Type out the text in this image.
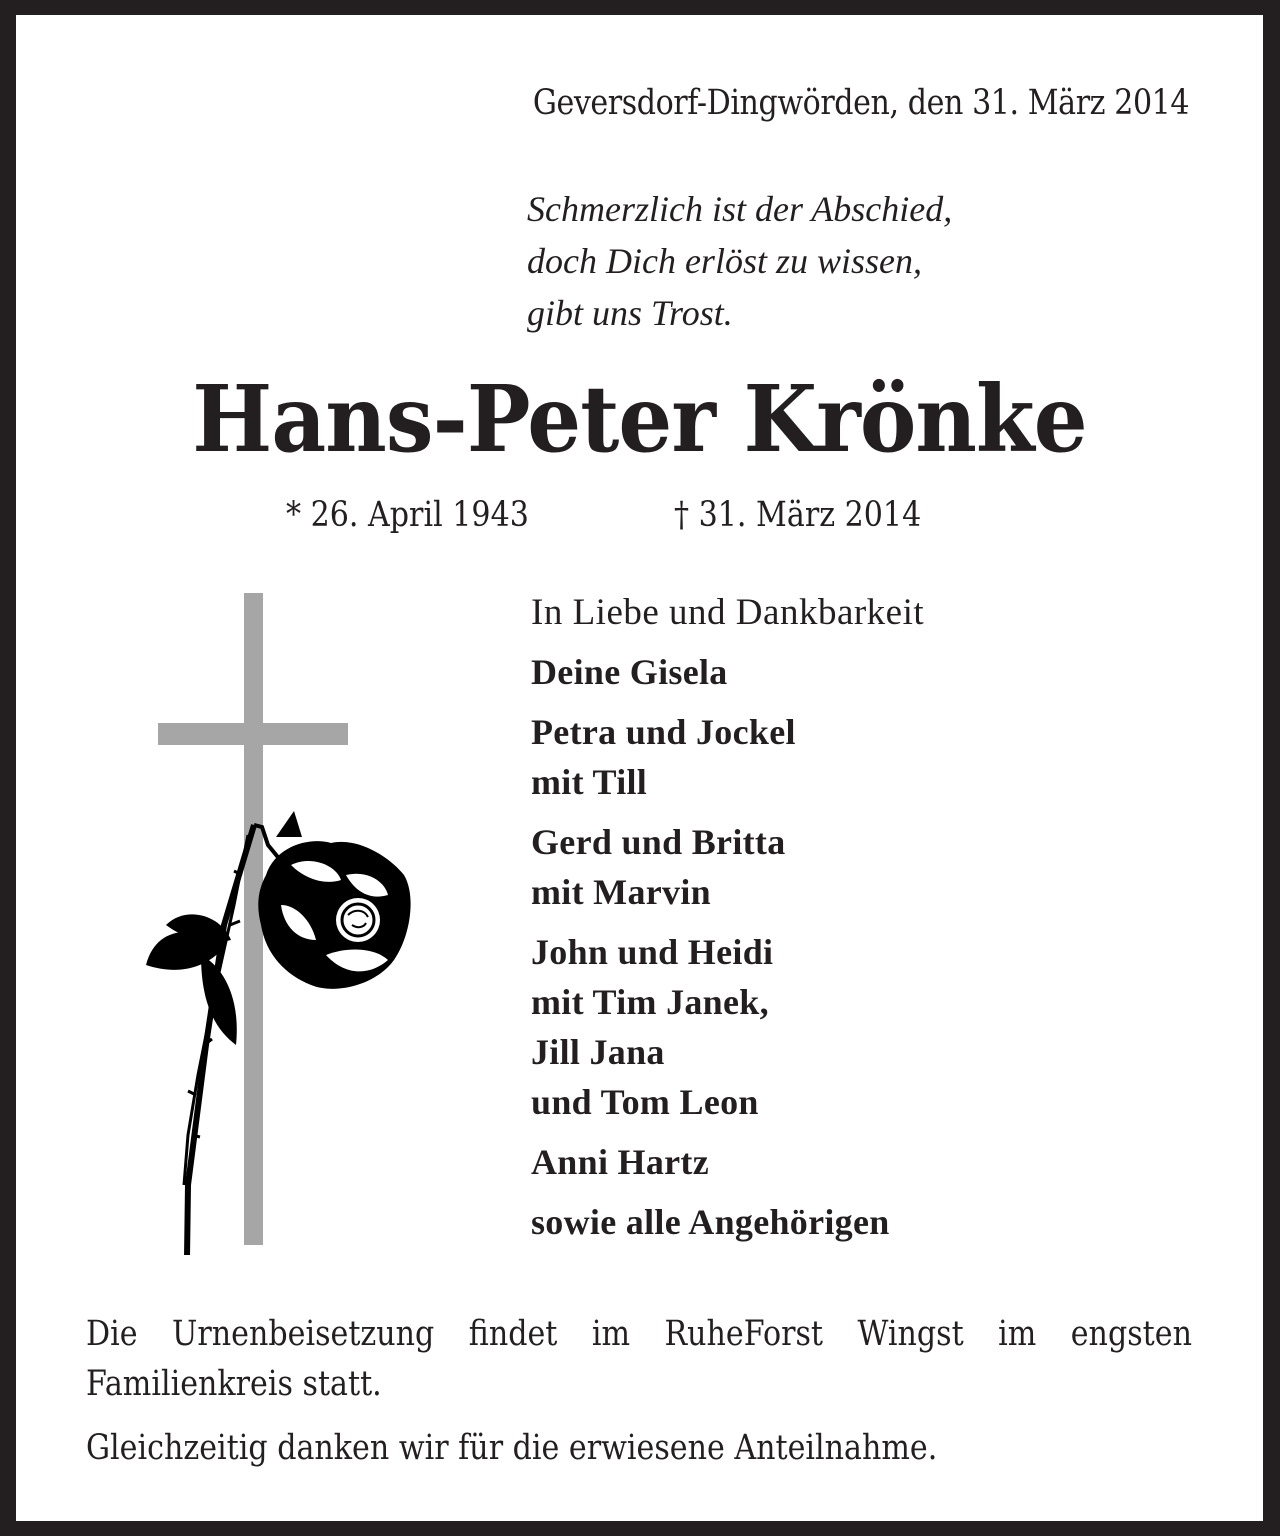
Geversdorf-Dingwörden, den 31. März 2014
Schmerzlich ist der Abschied,
doch Dich erlöst zu wissen,
gibt uns Trost.
Hans-Peter Krönke
* 26. April 1943	† 31. März 2014
In Liebe und Dankbarkeit
Deine Gisela
Petra und Jockel
mit Till
Gerd und Britta
mit Marvin
John und Heidi
mit Tim Janek,
Jill Jana
und Tom Leon
Anni Hartz
sowie alle Angehörigen

Die Urnenbeisetzung findet im RuheForst Wingst im engsten Familienkreis statt.

Gleichzeitig danken wir für die erwiesene Anteilnahme.
